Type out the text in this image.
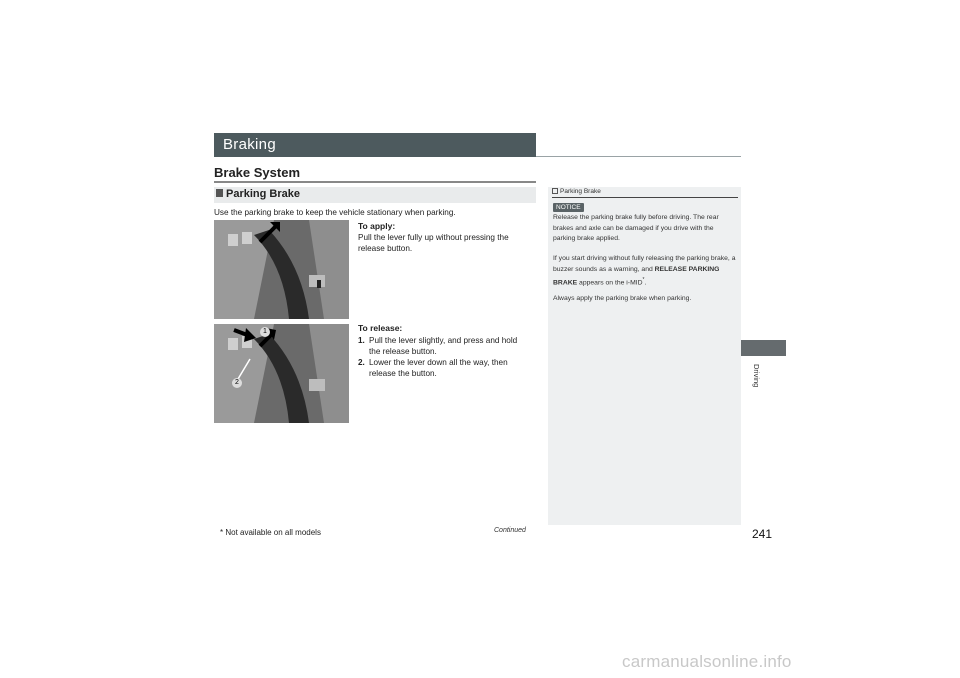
Braking
Brake System
Parking Brake
Use the parking brake to keep the vehicle stationary when parking.
To apply:
Pull the lever fully up without pressing the release button.
1
2
To release:
1. Pull the lever slightly, and press and hold the release button.
2. Lower the lever down all the way, then release the button.
Parking Brake
NOTICE
Release the parking brake fully before driving. The rear brakes and axle can be damaged if you drive with the parking brake applied.
If you start driving without fully releasing the parking brake, a buzzer sounds as a warning, and RELEASE PARKING BRAKE appears on the i-MID*.
Always apply the parking brake when parking.
Driving
* Not available on all models	Continued	241
carmanualsonline.info
